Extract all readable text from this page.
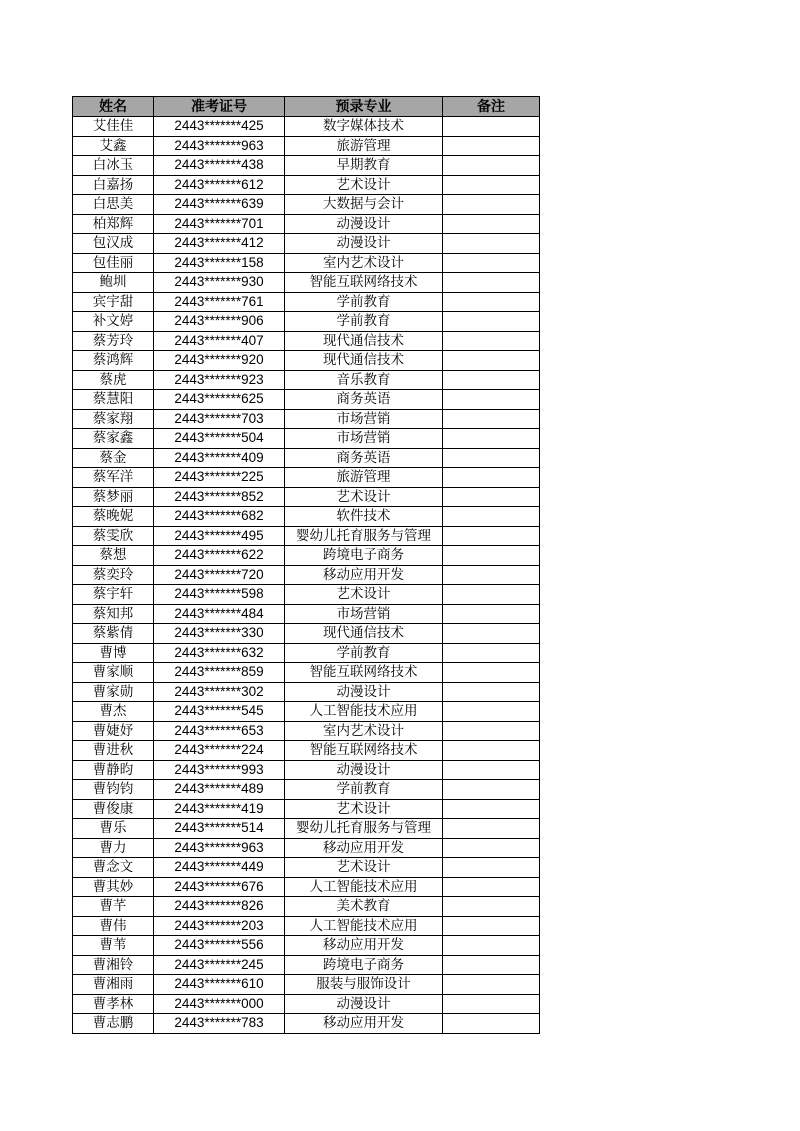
姓名	准考证号	预录专业	备注
艾佳佳	2443*******425	数字媒体技术	
艾鑫	2443*******963	旅游管理	
白冰玉	2443*******438	早期教育	
白嘉扬	2443*******612	艺术设计	
白思美	2443*******639	大数据与会计	
柏郑辉	2443*******701	动漫设计	
包汉成	2443*******412	动漫设计	
包佳丽	2443*******158	室内艺术设计	
鲍圳	2443*******930	智能互联网络技术	
宾宇甜	2443*******761	学前教育	
补文婷	2443*******906	学前教育	
蔡芳玲	2443*******407	现代通信技术	
蔡鸿辉	2443*******920	现代通信技术	
蔡虎	2443*******923	音乐教育	
蔡慧阳	2443*******625	商务英语	
蔡家翔	2443*******703	市场营销	
蔡家鑫	2443*******504	市场营销	
蔡金	2443*******409	商务英语	
蔡军洋	2443*******225	旅游管理	
蔡梦丽	2443*******852	艺术设计	
蔡晚妮	2443*******682	软件技术	
蔡雯欣	2443*******495	婴幼儿托育服务与管理	
蔡想	2443*******622	跨境电子商务	
蔡奕玲	2443*******720	移动应用开发	
蔡宇轩	2443*******598	艺术设计	
蔡知邦	2443*******484	市场营销	
蔡紫倩	2443*******330	现代通信技术	
曹博	2443*******632	学前教育	
曹家顺	2443*******859	智能互联网络技术	
曹家勋	2443*******302	动漫设计	
曹杰	2443*******545	人工智能技术应用	
曹婕妤	2443*******653	室内艺术设计	
曹进秋	2443*******224	智能互联网络技术	
曹静昀	2443*******993	动漫设计	
曹钧钧	2443*******489	学前教育	
曹俊康	2443*******419	艺术设计	
曹乐	2443*******514	婴幼儿托育服务与管理	
曹力	2443*******963	移动应用开发	
曹念文	2443*******449	艺术设计	
曹其妙	2443*******676	人工智能技术应用	
曹芊	2443*******826	美术教育	
曹伟	2443*******203	人工智能技术应用	
曹苇	2443*******556	移动应用开发	
曹湘铃	2443*******245	跨境电子商务	
曹湘雨	2443*******610	服装与服饰设计	
曹孝林	2443*******000	动漫设计	
曹志鹏	2443*******783	移动应用开发	
